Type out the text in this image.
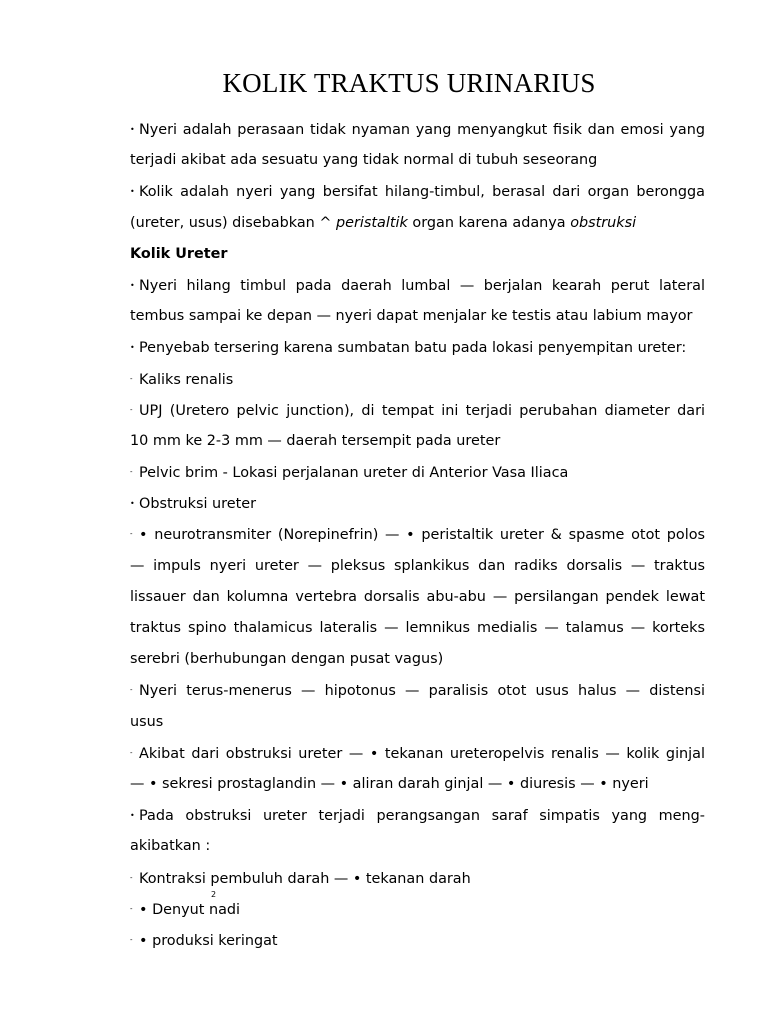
KOLIK TRAKTUS URINARIUS
• Nyeri adalah perasaan tidak nyaman yang menyangkut fisik dan emosi yang
terjadi akibat ada sesuatu yang tidak normal di tubuh seseorang
• Kolik adalah nyeri yang bersifat hilang-timbul, berasal dari organ berongga
(ureter, usus) disebabkan ^ peristaltik organ karena adanya obstruksi
Kolik Ureter
• Nyeri hilang timbul pada daerah lumbal — berjalan kearah perut lateral
tembus sampai ke depan — nyeri dapat menjalar ke testis atau labium mayor
• Penyebab tersering karena sumbatan batu pada lokasi penyempitan ureter:
- Kaliks renalis
- UPJ (Uretero pelvic junction), di tempat ini terjadi perubahan diameter dari
10 mm ke 2-3 mm — daerah tersempit pada ureter
- Pelvic brim - Lokasi perjalanan ureter di Anterior Vasa Iliaca
• Obstruksi ureter
- • neurotransmiter (Norepinefrin) — • peristaltik ureter & spasme otot polos
— impuls nyeri ureter — pleksus splankikus dan radiks dorsalis — traktus
lissauer dan kolumna vertebra dorsalis abu-abu — persilangan pendek lewat
traktus spino thalamicus lateralis — lemnikus medialis — talamus — korteks
serebri (berhubungan dengan pusat vagus)
- Nyeri terus-menerus — hipotonus — paralisis otot usus halus — distensi
usus
- Akibat dari obstruksi ureter — • tekanan ureteropelvis renalis — kolik ginjal
— • sekresi prostaglandin — • aliran darah ginjal — • diuresis — • nyeri
• Pada obstruksi ureter terjadi perangsangan saraf simpatis yang meng-
akibatkan :
- Kontraksi pembuluh darah — • tekanan darah
- • Denyut nadi
- • produksi keringat
2
